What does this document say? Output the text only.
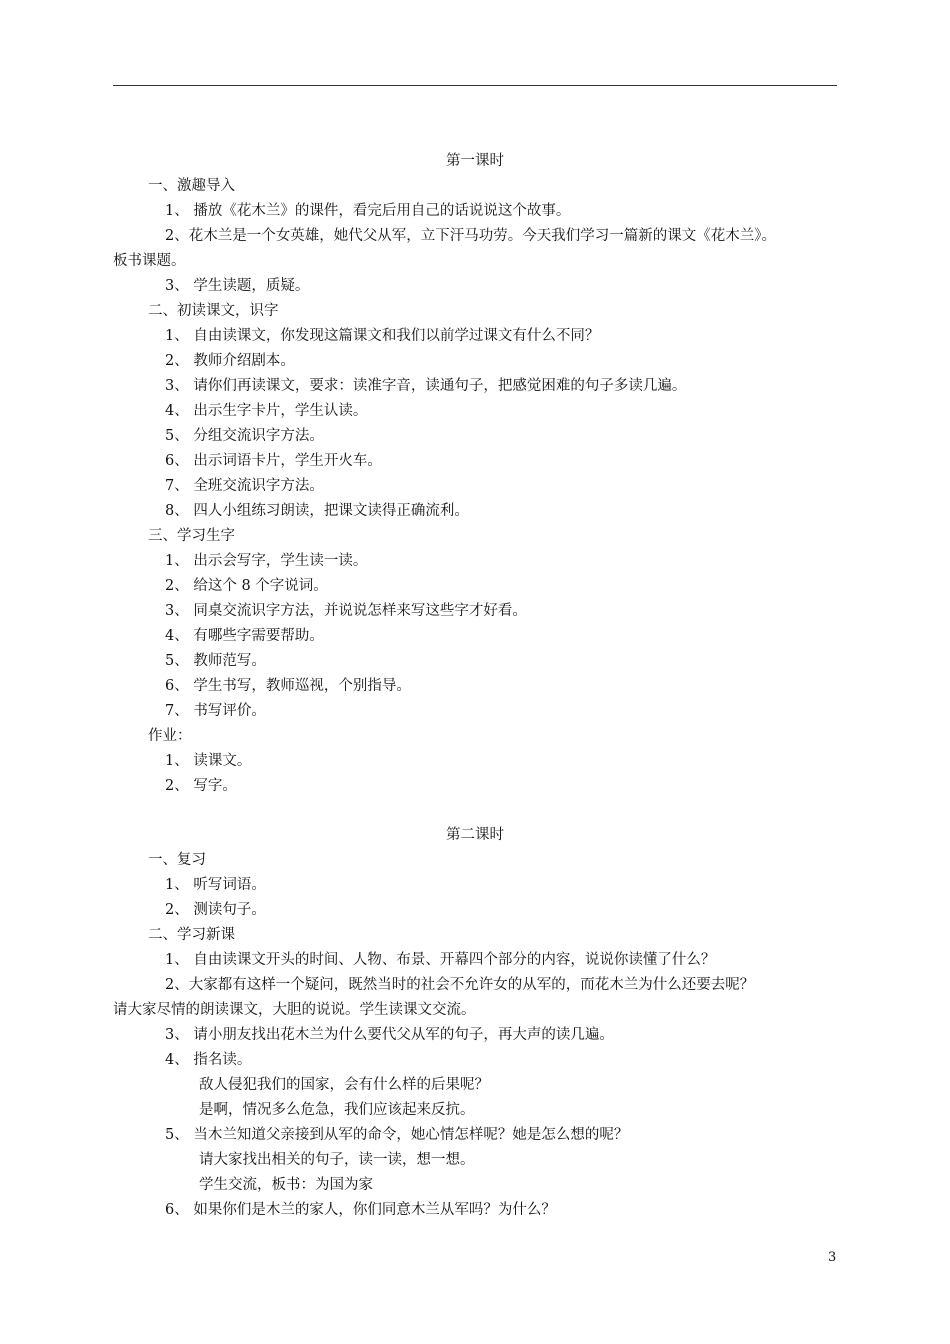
第一课时
一、激趣导入
1、 播放《花木兰》的课件，看完后用自己的话说说这个故事。
2、花木兰是一个女英雄，她代父从军，立下汗马功劳。今天我们学习一篇新的课文《花木兰》。
板书课题。
3、 学生读题，质疑。
二、初读课文，识字
1、 自由读课文，你发现这篇课文和我们以前学过课文有什么不同？
2、 教师介绍剧本。
3、 请你们再读课文，要求：读准字音，读通句子，把感觉困难的句子多读几遍。
4、 出示生字卡片，学生认读。
5、 分组交流识字方法。
6、 出示词语卡片，学生开火车。
7、 全班交流识字方法。
8、 四人小组练习朗读，把课文读得正确流利。
三、学习生字
1、 出示会写字，学生读一读。
2、 给这个 8 个字说词。
3、 同桌交流识字方法，并说说怎样来写这些字才好看。
4、 有哪些字需要帮助。
5、 教师范写。
6、 学生书写，教师巡视，个别指导。
7、 书写评价。
作业：
1、 读课文。
2、 写字。
第二课时
一、复习
1、 听写词语。
2、 测读句子。
二、学习新课
1、 自由读课文开头的时间、人物、布景、开幕四个部分的内容，说说你读懂了什么？
2、大家都有这样一个疑问，既然当时的社会不允许女的从军的，而花木兰为什么还要去呢？
请大家尽情的朗读课文，大胆的说说。学生读课文交流。
3、 请小朋友找出花木兰为什么要代父从军的句子，再大声的读几遍。
4、 指名读。
敌人侵犯我们的国家，会有什么样的后果呢？
是啊，情况多么危急，我们应该起来反抗。
5、 当木兰知道父亲接到从军的命令，她心情怎样呢？她是怎么想的呢？
请大家找出相关的句子，读一读，想一想。
学生交流，板书：为国为家
6、 如果你们是木兰的家人，你们同意木兰从军吗？为什么？
3
